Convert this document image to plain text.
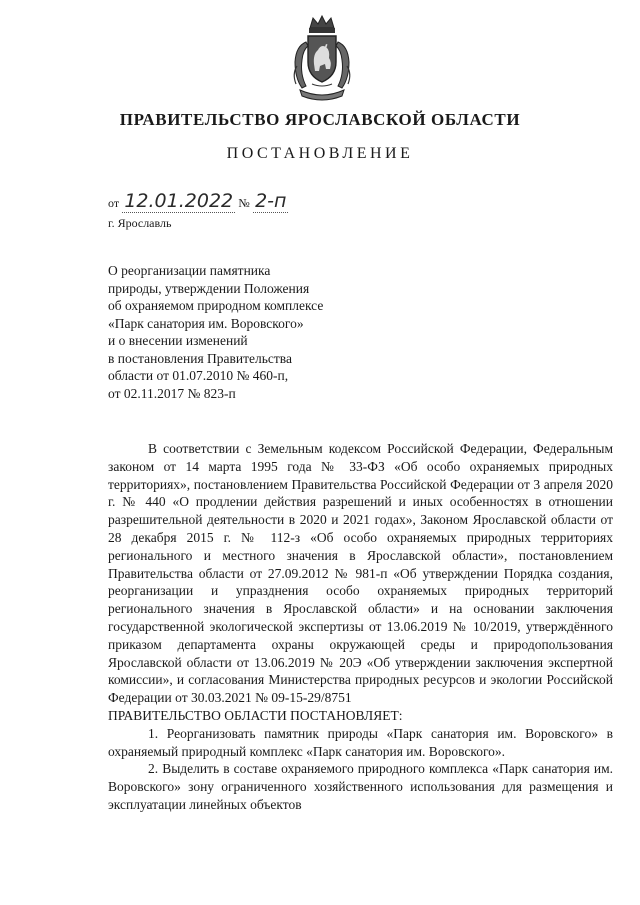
ПРАВИТЕЛЬСТВО ЯРОСЛАВСКОЙ ОБЛАСТИ
ПОСТАНОВЛЕНИЕ
от 12.01.2022 № 2-п
г. Ярославль
О реорганизации памятника
природы, утверждении Положения
об охраняемом природном комплексе
«Парк санатория им. Воровского»
и о внесении изменений
в постановления Правительства
области от 01.07.2010 № 460-п,
от 02.11.2017 № 823-п

В соответствии с Земельным кодексом Российской Федерации, Федеральным законом от 14 марта 1995 года № 33-ФЗ «Об особо охраняемых природных территориях», постановлением Правительства Российской Федерации от 3 апреля 2020 г. № 440 «О продлении действия разрешений и иных особенностях в отношении разрешительной деятельности в 2020 и 2021 годах», Законом Ярославской области от 28 декабря 2015 г. № 112-з «Об особо охраняемых природных территориях регионального и местного значения в Ярославской области», постановлением Правительства области от 27.09.2012 № 981-п «Об утверждении Порядка создания, реорганизации и упразднения особо охраняемых природных территорий регионального значения в Ярославской области» и на основании заключения государственной экологической экспертизы от 13.06.2019 № 10/2019, утверждённого приказом департамента охраны окружающей среды и природопользования Ярославской области от 13.06.2019 № 20Э «Об утверждении заключения экспертной комиссии», и согласования Министерства природных ресурсов и экологии Российской Федерации от 30.03.2021 № 09-15-29/8751

ПРАВИТЕЛЬСТВО ОБЛАСТИ ПОСТАНОВЛЯЕТ:

1. Реорганизовать памятник природы «Парк санатория им. Воровского» в охраняемый природный комплекс «Парк санатория им. Воровского».

2. Выделить в составе охраняемого природного комплекса «Парк санатория им. Воровского» зону ограниченного хозяйственного использования для размещения и эксплуатации линейных объектов
